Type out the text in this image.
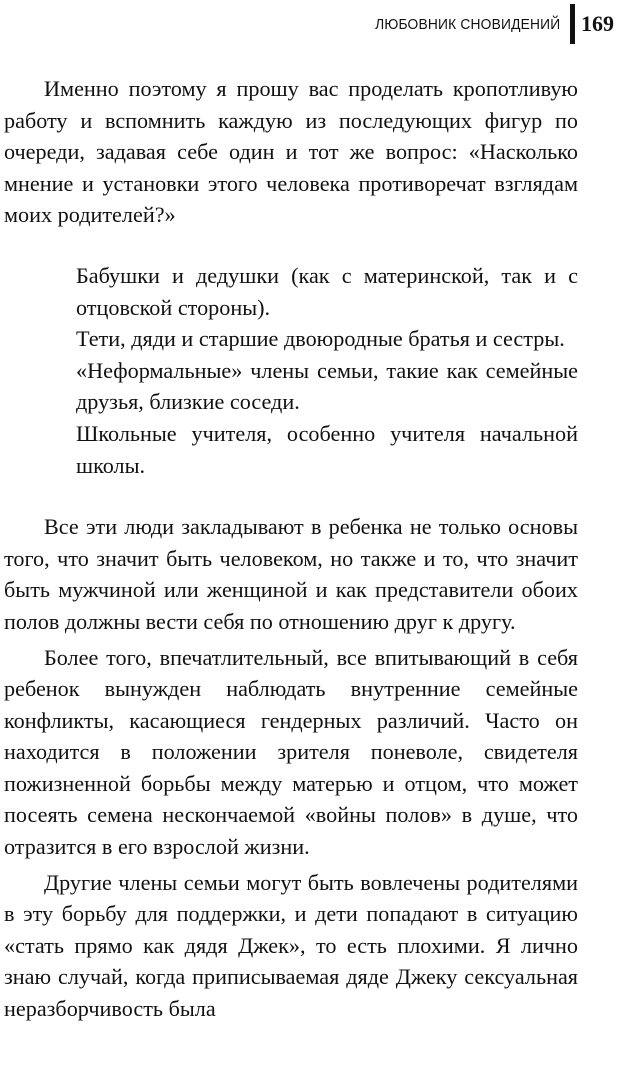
ЛЮБОВНИК СНОВИДЕНИЙ 169

Именно поэтому я прошу вас проделать кропотливую работу и вспомнить каждую из последующих фигур по очереди, задавая себе один и тот же вопрос: «Насколько мнение и установки этого человека противоречат взглядам моих родителей?»

Бабушки и дедушки (как с материнской, так и с отцовской стороны).
Тети, дяди и старшие двоюродные братья и сестры.
«Неформальные» члены семьи, такие как семейные друзья, близкие соседи.
Школьные учителя, особенно учителя начальной школы.

Все эти люди закладывают в ребенка не только основы того, что значит быть человеком, но также и то, что значит быть мужчиной или женщиной и как представители обоих полов должны вести себя по отношению друг к другу.

Более того, впечатлительный, все впитывающий в себя ребенок вынужден наблюдать внутренние семейные конфликты, касающиеся гендерных различий. Часто он находится в положении зрителя поневоле, свидетеля пожизненной борьбы между матерью и отцом, что может посеять семена нескончаемой «войны полов» в душе, что отразится в его взрослой жизни.

Другие члены семьи могут быть вовлечены родителями в эту борьбу для поддержки, и дети попадают в ситуацию «стать прямо как дядя Джек», то есть плохими. Я лично знаю случай, когда приписываемая дяде Джеку сексуальная неразборчивость была
